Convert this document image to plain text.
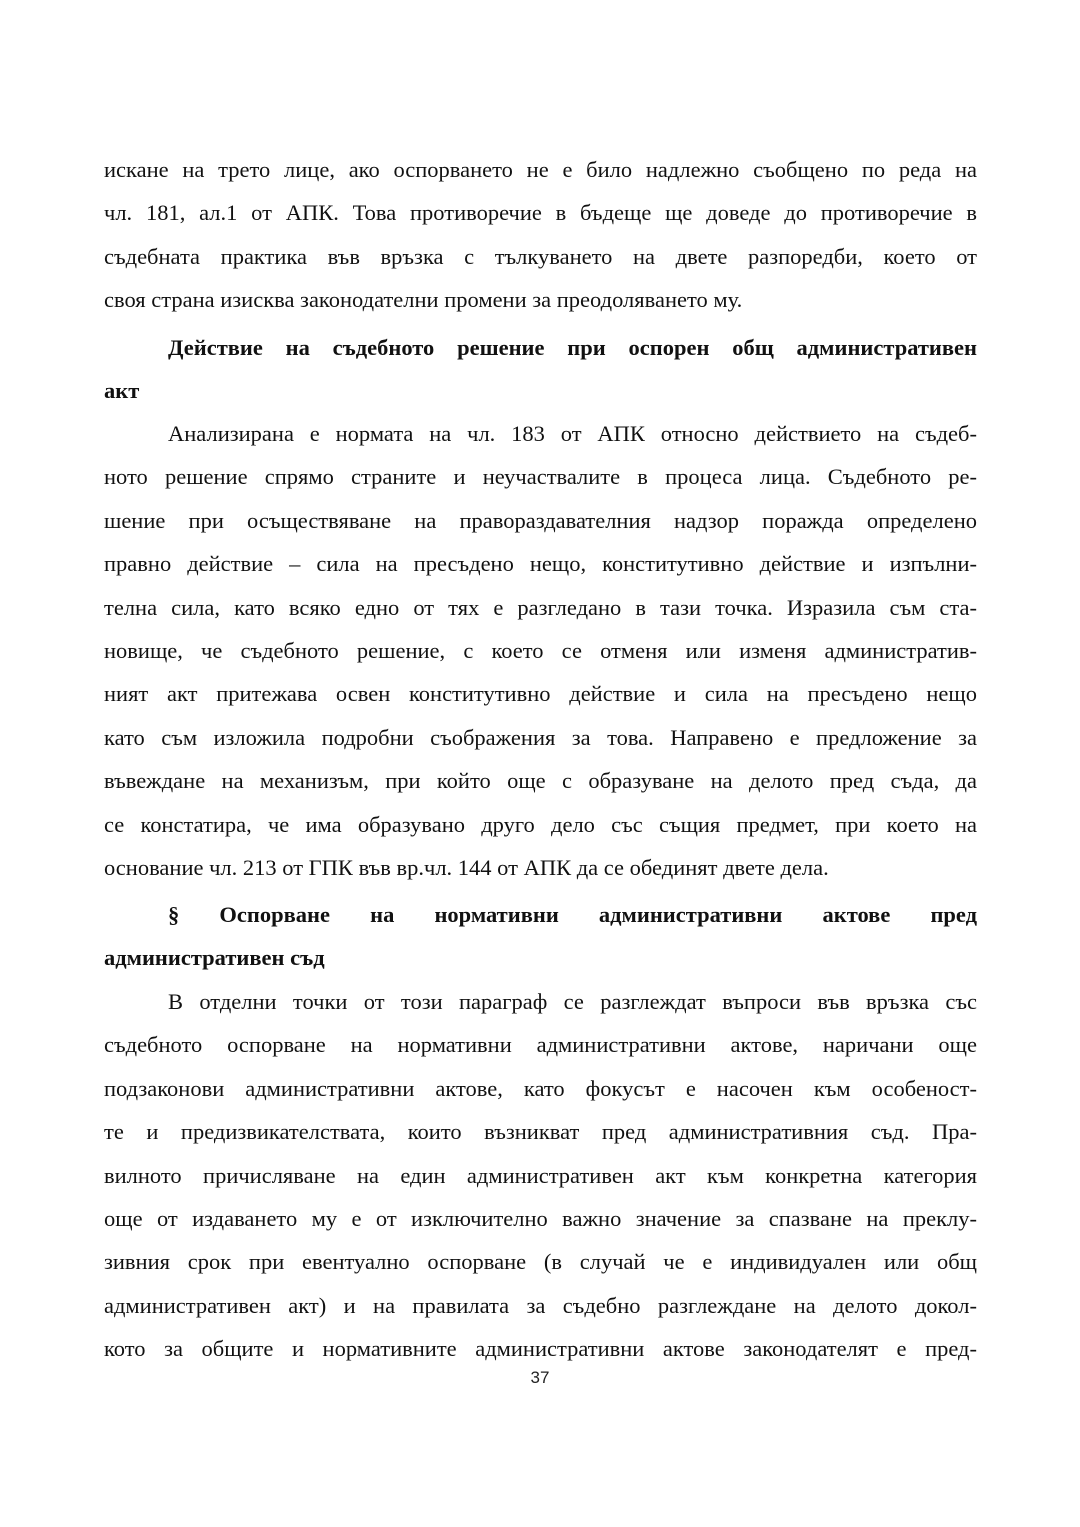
искане на трето лице, ако оспорването не е било надлежно съобщено по реда на
чл. 181, ал.1 от АПК. Това противоречие в бъдеще ще доведе до противоречие в
съдебната практика във връзка с тълкуването на двете разпоредби, което от
своя страна изисква законодателни промени за преодоляването му.
Действие на съдебното решение при оспорен общ административен
акт
Анализирана е нормата на чл. 183 от АПК относно действието на съдеб-
ното решение спрямо страните и неучаствалите в процеса лица. Съдебното ре-
шение при осъществяване на правораздавателния надзор поражда определено
правно действие – сила на пресъдено нещо, конститутивно действие и изпълни-
телна сила, като всяко едно от тях е разгледано в тази точка. Изразила съм ста-
новище, че съдебното решение, с което се отменя или изменя административ-
ният акт притежава освен конститутивно действие и сила на пресъдено нещо
като съм изложила подробни съображения за това. Направено е предложение за
въвеждане на механизъм, при който още с образуване на делото пред съда, да
се констатира, че има образувано друго дело със същия предмет, при което на
основание чл. 213 от ГПК във вр.чл. 144 от АПК да се обединят двете дела.
§ Оспорване на нормативни административни актове пред
административен съд
В отделни точки от този параграф се разглеждат въпроси във връзка със
съдебното оспорване на нормативни административни актове, наричани още
подзаконови административни актове, като фокусът е насочен към особеност-
те и предизвикателствата, които възникват пред административния съд. Пра-
вилното причисляване на един административен акт към конкретна категория
още от издаването му е от изключително важно значение за спазване на преклу-
зивния срок при евентуално оспорване (в случай че е индивидуален или общ
административен акт) и на правилата за съдебно разглеждане на делото докол-
кото за общите и нормативните административни актове законодателят е пред-
37
